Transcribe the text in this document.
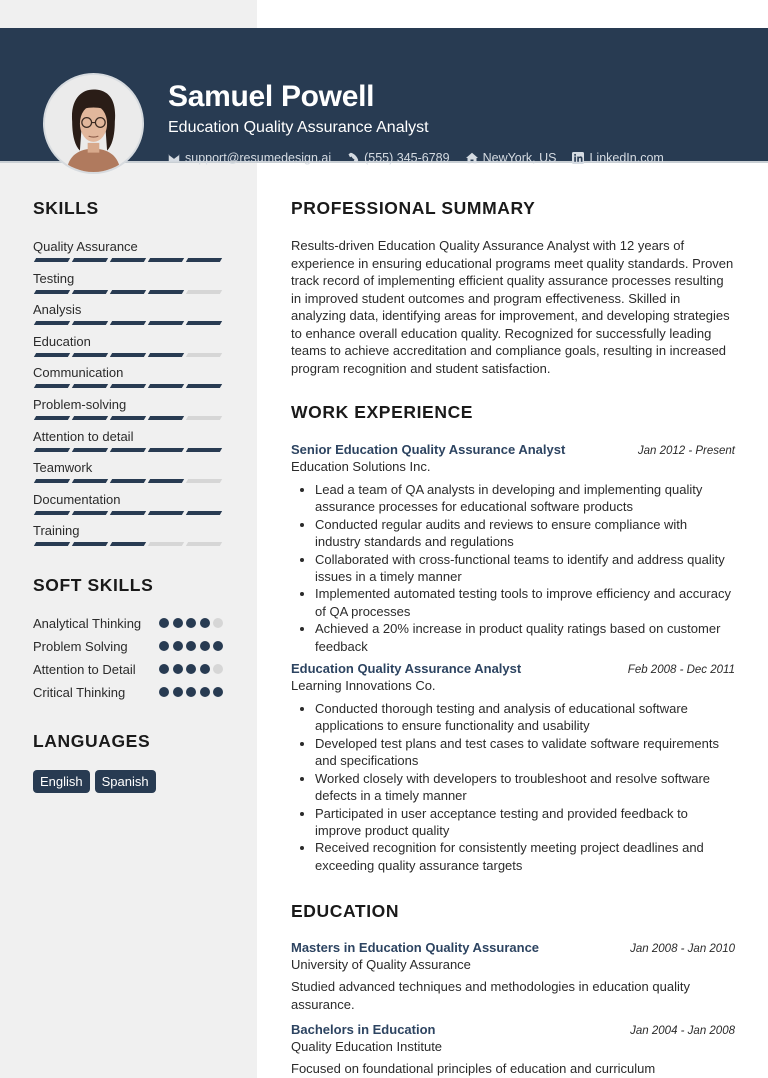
Samuel Powell
Education Quality Assurance Analyst
support@resumedesign.ai	(555) 345-6789	NewYork, US	LinkedIn.com
SKILLS
Quality Assurance
Testing
Analysis
Education
Communication
Problem-solving
Attention to detail
Teamwork
Documentation
Training
SOFT SKILLS
Analytical Thinking
Problem Solving
Attention to Detail
Critical Thinking
LANGUAGES
English	Spanish
PROFESSIONAL SUMMARY
Results-driven Education Quality Assurance Analyst with 12 years of experience in ensuring educational programs meet quality standards. Proven track record of implementing efficient quality assurance processes resulting in improved student outcomes and program effectiveness. Skilled in analyzing data, identifying areas for improvement, and developing strategies to enhance overall education quality. Recognized for successfully leading teams to achieve accreditation and compliance goals, resulting in increased program recognition and student satisfaction.
WORK EXPERIENCE
Senior Education Quality Assurance Analyst	Jan 2012 - Present
Education Solutions Inc.
• Lead a team of QA analysts in developing and implementing quality assurance processes for educational software products
• Conducted regular audits and reviews to ensure compliance with industry standards and regulations
• Collaborated with cross-functional teams to identify and address quality issues in a timely manner
• Implemented automated testing tools to improve efficiency and accuracy of QA processes
• Achieved a 20% increase in product quality ratings based on customer feedback
Education Quality Assurance Analyst	Feb 2008 - Dec 2011
Learning Innovations Co.
• Conducted thorough testing and analysis of educational software applications to ensure functionality and usability
• Developed test plans and test cases to validate software requirements and specifications
• Worked closely with developers to troubleshoot and resolve software defects in a timely manner
• Participated in user acceptance testing and provided feedback to improve product quality
• Received recognition for consistently meeting project deadlines and exceeding quality assurance targets
EDUCATION
Masters in Education Quality Assurance	Jan 2008 - Jan 2010
University of Quality Assurance
Studied advanced techniques and methodologies in education quality assurance.
Bachelors in Education	Jan 2004 - Jan 2008
Quality Education Institute
Focused on foundational principles of education and curriculum
